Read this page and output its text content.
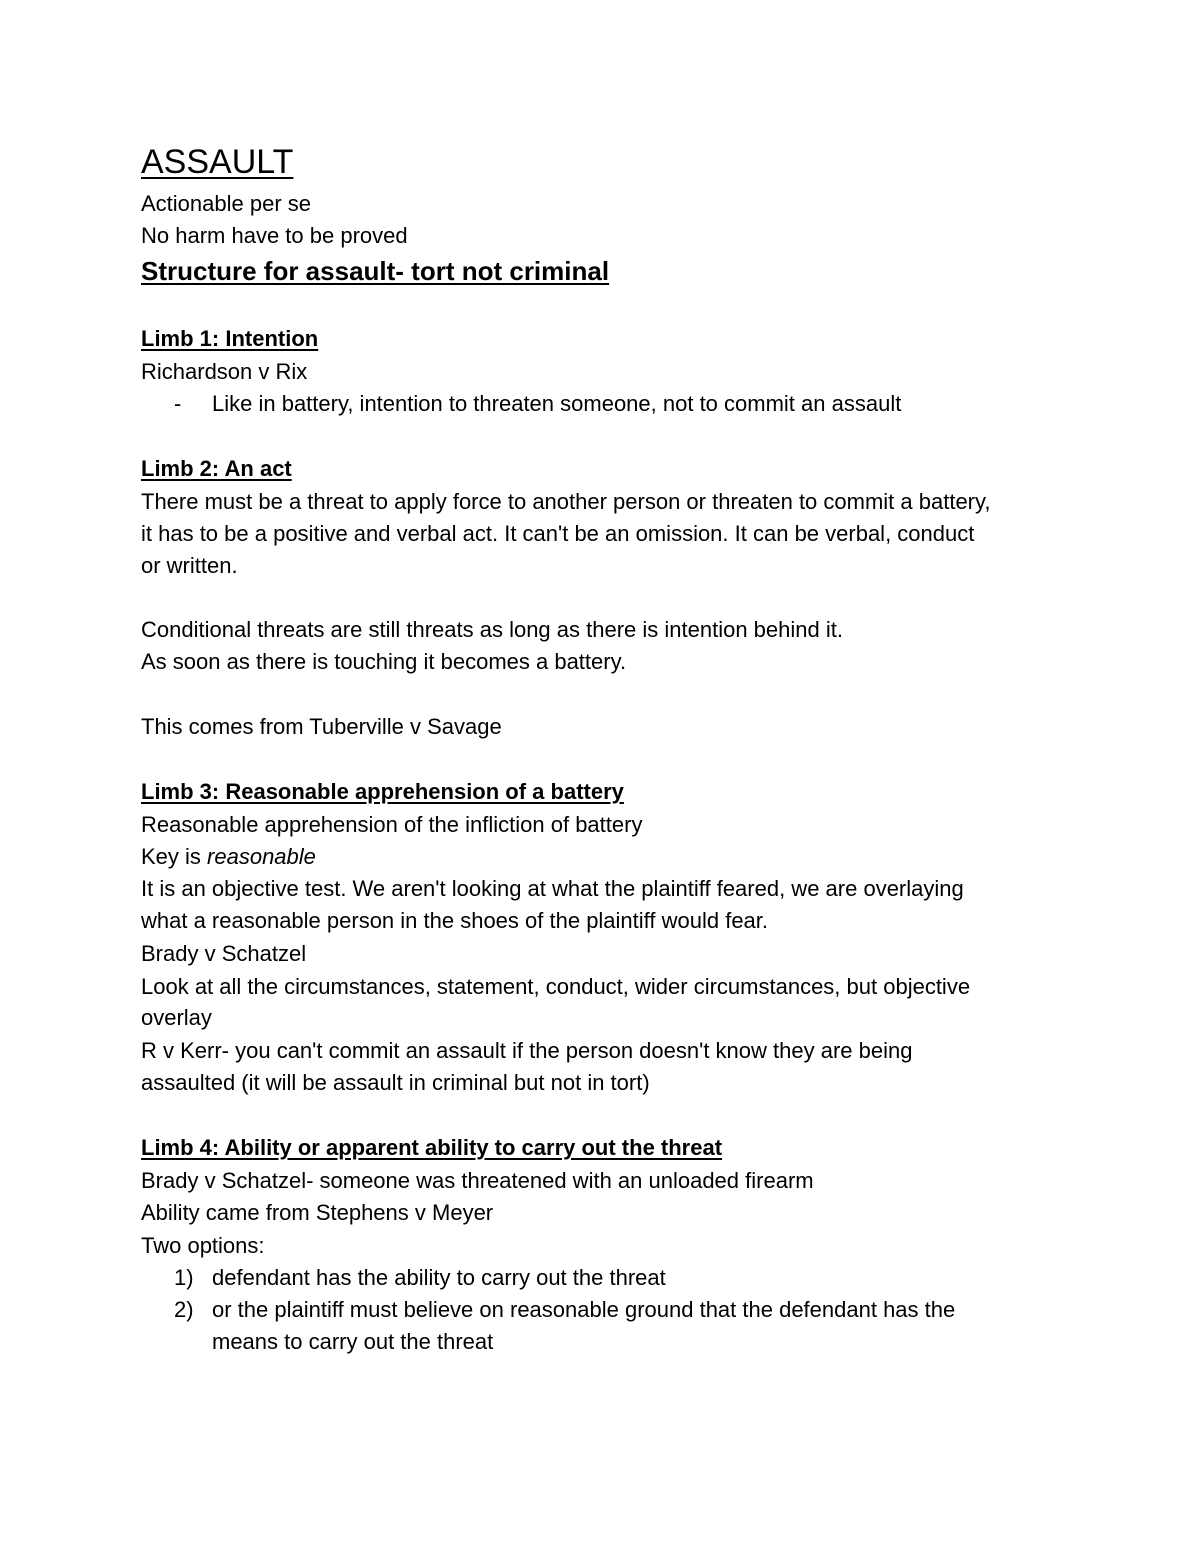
ASSAULT

Actionable per se

No harm have to be proved

Structure for assault- tort not criminal
Limb 1: Intention

Richardson v Rix

- Like in battery, intention to threaten someone, not to commit an assault

Limb 2: An act

There must be a threat to apply force to another person or threaten to commit a battery,

it has to be a positive and verbal act. It can't be an omission. It can be verbal, conduct

or written.

Conditional threats are still threats as long as there is intention behind it.

As soon as there is touching it becomes a battery.

This comes from Tuberville v Savage

Limb 3: Reasonable apprehension of a battery

Reasonable apprehension of the infliction of battery

Key is reasonable

It is an objective test. We aren't looking at what the plaintiff feared, we are overlaying

what a reasonable person in the shoes of the plaintiff would fear.

Brady v Schatzel

Look at all the circumstances, statement, conduct, wider circumstances, but objective

overlay

R v Kerr- you can't commit an assault if the person doesn't know they are being

assaulted (it will be assault in criminal but not in tort)

Limb 4: Ability or apparent ability to carry out the threat

Brady v Schatzel- someone was threatened with an unloaded firearm

Ability came from Stephens v Meyer

Two options:

1) defendant has the ability to carry out the threat

2) or the plaintiff must believe on reasonable ground that the defendant has the

means to carry out the threat
